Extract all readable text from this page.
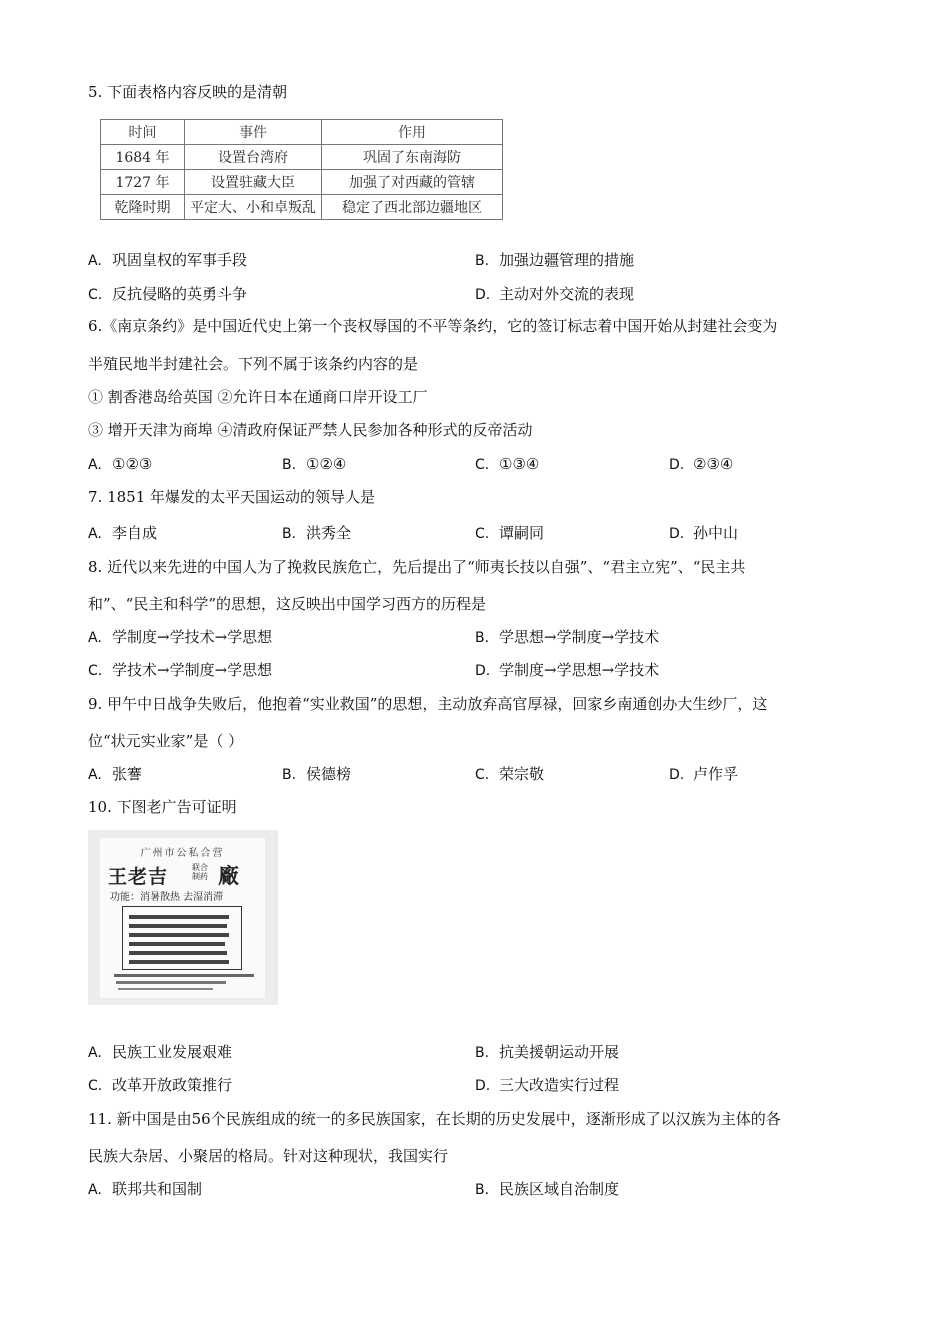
5. 下面表格内容反映的是清朝
时间	事件	作用
1684 年	设置台湾府	巩固了东南海防
1727 年	设置驻藏大臣	加强了对西藏的管辖
乾隆时期	平定大、小和卓叛乱	稳定了西北部边疆地区
A. 巩固皇权的军事手段	B. 加强边疆管理的措施
C. 反抗侵略的英勇斗争	D. 主动对外交流的表现
6.《南京条约》是中国近代史上第一个丧权辱国的不平等条约，它的签订标志着中国开始从封建社会变为
半殖民地半封建社会。下列不属于该条约内容的是
① 割香港岛给英国 ②允许日本在通商口岸开设工厂
③ 增开天津为商埠 ④清政府保证严禁人民参加各种形式的反帝活动
A. ①②③	B. ①②④	C. ①③④	D. ②③④
7. 1851 年爆发的太平天国运动的领导人是
A. 李自成	B. 洪秀全	C. 谭嗣同	D. 孙中山
8. 近代以来先进的中国人为了挽救民族危亡，先后提出了“师夷长技以自强”、“君主立宪”、“民主共
和”、“民主和科学”的思想，这反映出中国学习西方的历程是
A. 学制度→学技术→学思想	B. 学思想→学制度→学技术
C. 学技术→学制度→学思想	D. 学制度→学思想→学技术
9. 甲午中日战争失败后，他抱着“实业救国”的思想，主动放弃高官厚禄，回家乡南通创办大生纱厂，这
位“状元实业家”是（ ）
A. 张謇	B. 侯德榜	C. 荣宗敬	D. 卢作孚
10. 下图老广告可证明
广州市公私合营
王老吉	联合制药 廠
功能：消暑散热 去湿消滞
A. 民族工业发展艰难	B. 抗美援朝运动开展
C. 改革开放政策推行	D. 三大改造实行过程
11. 新中国是由56个民族组成的统一的多民族国家，在长期的历史发展中，逐渐形成了以汉族为主体的各
民族大杂居、小聚居的格局。针对这种现状，我国实行
A. 联邦共和国制	B. 民族区域自治制度
